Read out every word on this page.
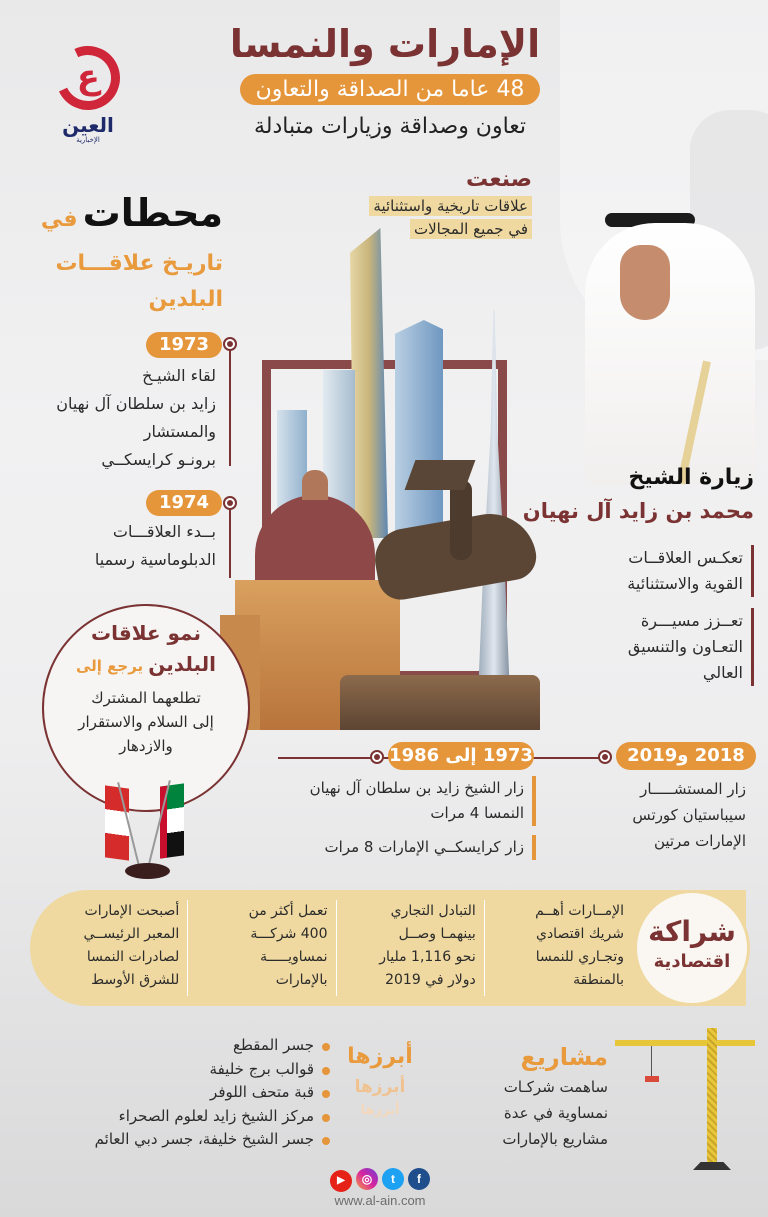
ع
العين
الإخبارية
الإمارات والنمسا
48 عاما من الصداقة والتعاون
تعاون وصداقة وزيارات متبادلة
صنعت
علاقات تاريخية واستثنائية
في جميع المجالات
محطات في
تاريـخ علاقـــات
البلدين
1973
لقاء الشيـخ
زايد بن سلطان آل نهيان
والمستشار
برونـو كرايسكــي
1974
بــدء العلاقـــات
الدبلوماسية رسميا
زيارة الشيخ
محمد بن زايد آل نهيان
تعكـس العلاقــات
القوية والاستثنائية
تعــزز مسيـــرة
التعـاون والتنسيق
العالي
نمو علاقات
البلدين يرجع إلى
تطلعهما المشترك
إلى السلام والاستقرار
والازدهار	1973 إلى 1986	2018 و2019
زار الشيخ زايد بن سلطان آل نهيان
النمسا 4 مرات
زار كرايسكــي الإمارات 8 مرات
زار المستشـــــار
سيباستيان كورتس
الإمارات مرتين
شراكة
اقتصادية
الإمــارات أهــم
شريك اقتصادي
وتجـاري للنمسا
بالمنطقة
التبادل التجاري
بينهمـا وصــل
نحو 1,116 مليار
دولار في 2019
تعمل أكثر من
400 شركـــة
نمساويـــــة
بالإمارات
أصبحت الإمارات
المعبر الرئيســي
لصادرات النمسا
للشرق الأوسط
مشاريع
ساهمت شركـات
نمساوية في عدة
مشاريع بالإمارات
أبرزها
أبرزها
أبرزها
جسر المقطع
قوالب برج خليفة
قبة متحف اللوفر
مركز الشيخ زايد لعلوم الصحراء
جسر الشيخ خليفة، جسر دبي العائم
▶ ◎ t f
www.al-ain.com
